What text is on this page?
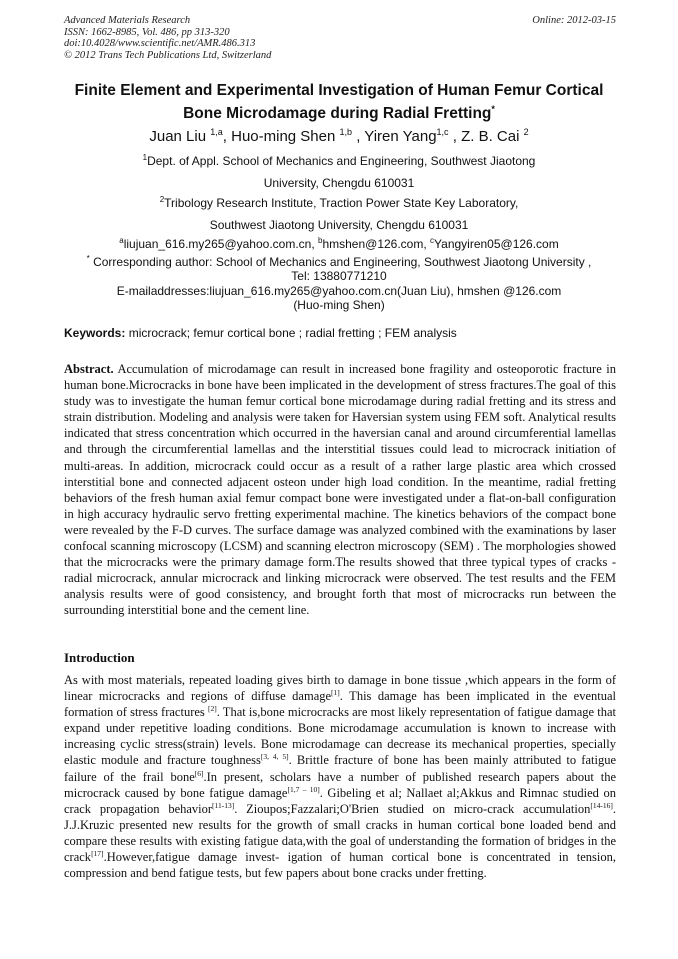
Advanced Materials Research
ISSN: 1662-8985, Vol. 486, pp 313-320
doi:10.4028/www.scientific.net/AMR.486.313
© 2012 Trans Tech Publications Ltd, Switzerland
Online: 2012-03-15
Finite Element and Experimental Investigation of Human Femur Cortical
Bone Microdamage during Radial Fretting*
Juan Liu $^{1,a}$, Huo-ming Shen $^{1,b}$ , Yiren Yang$^{1,c}$ , Z. B. Cai $^2$
$^1$Dept. of Appl. School of Mechanics and Engineering, Southwest Jiaotong
University, Chengdu 610031
$^2$Tribology Research Institute, Traction Power State Key Laboratory,
Southwest Jiaotong University, Chengdu 610031
$^a$liujuan_616.my265@yahoo.com.cn, $^b$hmshen@126.com, $^c$Yangyiren05@126.com
* Corresponding author: School of Mechanics and Engineering, Southwest Jiaotong University ,
Tel: 13880771210
E-mailaddresses:liujuan_616.my265@yahoo.com.cn(Juan Liu), hmshen @126.com
(Huo-ming Shen)
Keywords: microcrack; femur cortical bone ; radial fretting ; FEM analysis
Abstract. Accumulation of microdamage can result in increased bone fragility and osteoporotic fracture in human bone.Microcracks in bone have been implicated in the development of stress fractures.The goal of this study was to investigate the human femur cortical bone microdamage during radial fretting and its stress and strain distribution. Modeling and analysis were taken for Haversian system using FEM soft. Analytical results indicated that stress concentration which occurred in the haversian canal and around circumferential lamellas and through the circumferential lamellas and the interstitial tissues could lead to microcrack initiation of multi-areas. In addition, microcrack could occur as a result of a rather large plastic area which crossed interstitial bone and connected adjacent osteon under high load condition. In the meantime, radial fretting behaviors of the fresh human axial femur compact bone were investigated under a flat-on-ball configuration in high accuracy hydraulic servo fretting experimental machine. The kinetics behaviors of the compact bone were revealed by the F-D curves. The surface damage was analyzed combined with the examinations by laser confocal scanning microscopy (LCSM) and scanning electron microscopy (SEM) . The morphologies showed that the microcracks were the primary damage form.The results showed that three typical types of cracks -radial microcrack, annular microcrack and linking microcrack were observed. The test results and the FEM analysis results were of good consistency, and brought forth that most of microcracks run between the surrounding interstitial bone and the cement line.
Introduction
As with most materials, repeated loading gives birth to damage in bone tissue ,which appears in the form of linear microcracks and regions of diffuse damage[1]. This damage has been implicated in the eventual formation of stress fractures [2]. That is,bone microcracks are most likely representation of fatigue damage that expand under repetitive loading conditions. Bone microdamage accumulation is known to increase with increasing cyclic stress(strain) levels. Bone microdamage can decrease its mechanical properties, specially elastic module and fracture toughness[3, 4, 5]. Brittle fracture of bone has been mainly attributed to fatigue failure of the frail bone[6].In present, scholars have a number of published research papers about the microcrack caused by bone fatigue damage[1,7 – 10]. Gibeling et al; Nallaet al;Akkus and Rimnac studied on crack propagation behavior[11-13]. Zioupos;Fazzalari;O'Brien studied on micro-crack accumulation[14-16]. J.J.Kruzic presented new results for the growth of small cracks in human cortical bone loaded bend and compare these results with existing fatigue data,with the goal of understanding the formation of bridges in the crack[17].However,fatigue damage invest- igation of human cortical bone is concentrated in tension, compression and bend fatigue tests, but few papers about bone cracks under fretting.
